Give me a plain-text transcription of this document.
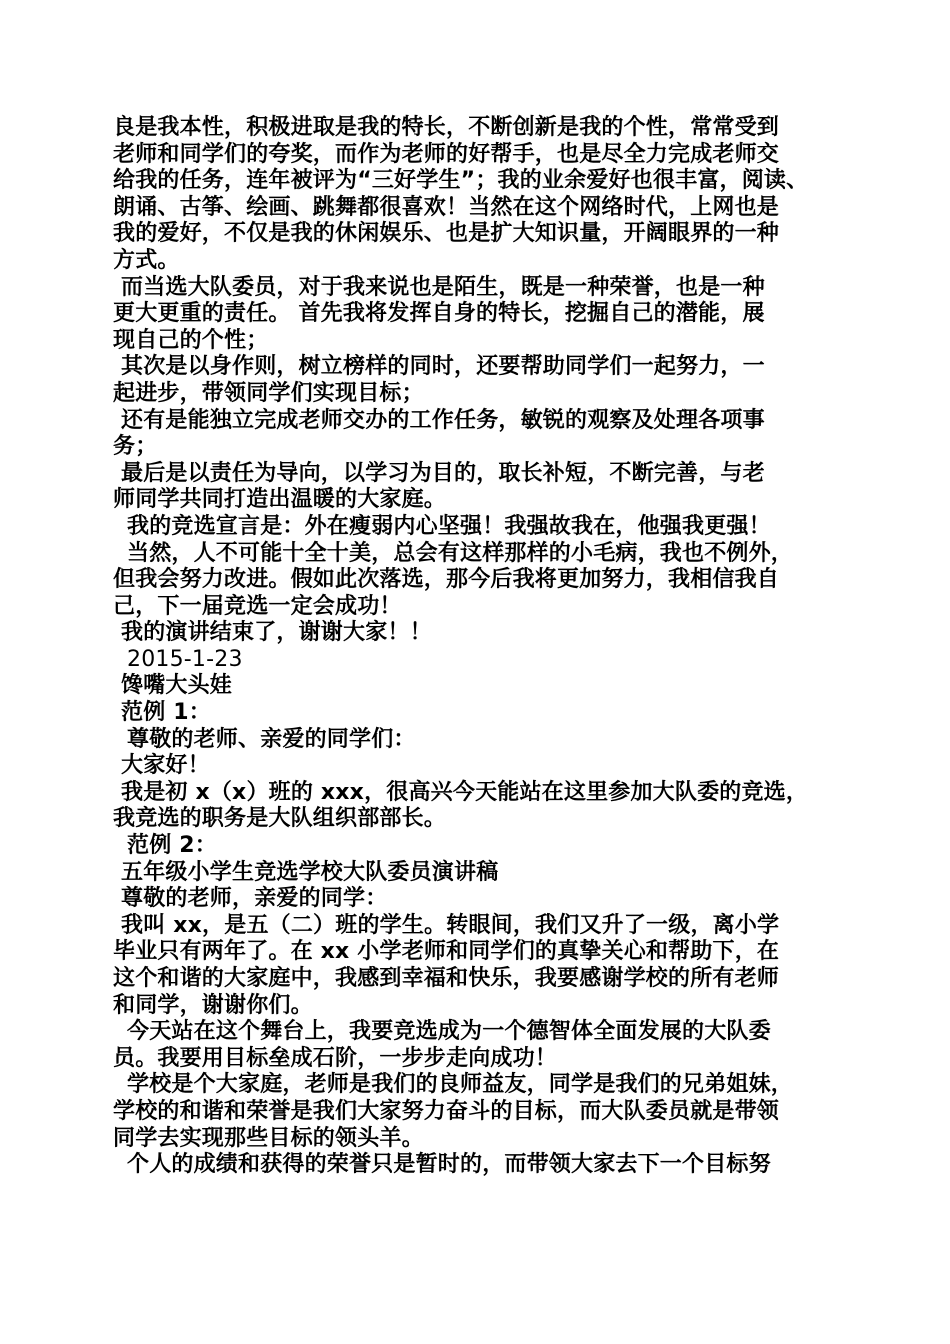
良是我本性，积极进取是我的特长，不断创新是我的个性，常常受到
老师和同学们的夸奖，而作为老师的好帮手，也是尽全力完成老师交
给我的任务，连年被评为“三好学生”；我的业余爱好也很丰富，阅读、
朗诵、古筝、绘画、跳舞都很喜欢！当然在这个网络时代，上网也是
我的爱好，不仅是我的休闲娱乐、也是扩大知识量，开阔眼界的一种
方式。
而当选大队委员，对于我来说也是陌生，既是一种荣誉，也是一种
更大更重的责任。 首先我将发挥自身的特长，挖掘自己的潜能，展
现自己的个性；
其次是以身作则，树立榜样的同时，还要帮助同学们一起努力，一
起进步，带领同学们实现目标；
还有是能独立完成老师交办的工作任务，敏锐的观察及处理各项事
务；
最后是以责任为导向，以学习为目的，取长补短，不断完善，与老
师同学共同打造出温暖的大家庭。
我的竞选宣言是：外在瘦弱内心坚强！我强故我在，他强我更强！
当然，人不可能十全十美，总会有这样那样的小毛病，我也不例外，
但我会努力改进。假如此次落选，那今后我将更加努力，我相信我自
己，下一届竞选一定会成功！
我的演讲结束了，谢谢大家！！
2015-1-23
馋嘴大头娃
范例 1：
尊敬的老师、亲爱的同学们：
大家好！
我是初 x（x）班的 xxx，很高兴今天能站在这里参加大队委的竞选，
我竞选的职务是大队组织部部长。
范例 2：
五年级小学生竞选学校大队委员演讲稿
尊敬的老师，亲爱的同学：
我叫 xx，是五（二）班的学生。转眼间，我们又升了一级，离小学
毕业只有两年了。在 xx 小学老师和同学们的真挚关心和帮助下，在
这个和谐的大家庭中，我感到幸福和快乐，我要感谢学校的所有老师
和同学，谢谢你们。
今天站在这个舞台上，我要竞选成为一个德智体全面发展的大队委
员。我要用目标垒成石阶，一步步走向成功！
学校是个大家庭，老师是我们的良师益友，同学是我们的兄弟姐妹，
学校的和谐和荣誉是我们大家努力奋斗的目标，而大队委员就是带领
同学去实现那些目标的领头羊。
个人的成绩和获得的荣誉只是暂时的，而带领大家去下一个目标努
